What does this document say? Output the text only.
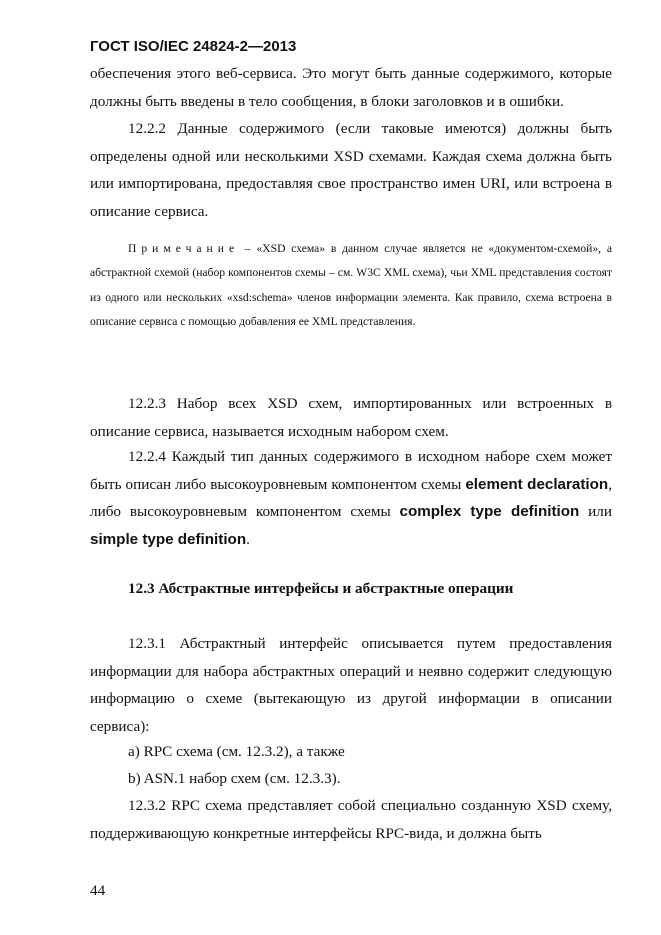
ГОСТ ISO/IEC 24824-2—2013

обеспечения этого веб-сервиса. Это могут быть данные содержимого, которые должны быть введены в тело сообщения, в блоки заголовков и в ошибки.

12.2.2 Данные содержимого (если таковые имеются) должны быть определены одной или несколькими XSD схемами. Каждая схема должна быть или импортирована, предоставляя свое пространство имен URI, или встроена в описание сервиса.

Примечание – «XSD схема» в данном случае является не «документом-схемой», а абстрактной схемой (набор компонентов схемы – см. W3C XML схема), чьи XML представления состоят из одного или нескольких «xsd:schema» членов информации элемента. Как правило, схема встроена в описание сервиса с помощью добавления ее XML представления.

12.2.3 Набор всех XSD схем, импортированных или встроенных в описание сервиса, называется исходным набором схем.

12.2.4 Каждый тип данных содержимого в исходном наборе схем может быть описан либо высокоуровневым компонентом схемы element declaration, либо высокоуровневым компонентом схемы complex type definition или simple type definition.

12.3 Абстрактные интерфейсы и абстрактные операции

12.3.1 Абстрактный интерфейс описывается путем предоставления информации для набора абстрактных операций и неявно содержит следующую информацию о схеме (вытекающую из другой информации в описании сервиса):

а) RPC схема (см. 12.3.2), а также
b) ASN.1 набор схем (см. 12.3.3).

12.3.2 RPC схема представляет собой специально созданную XSD схему, поддерживающую конкретные интерфейсы RPC-вида, и должна быть

44
